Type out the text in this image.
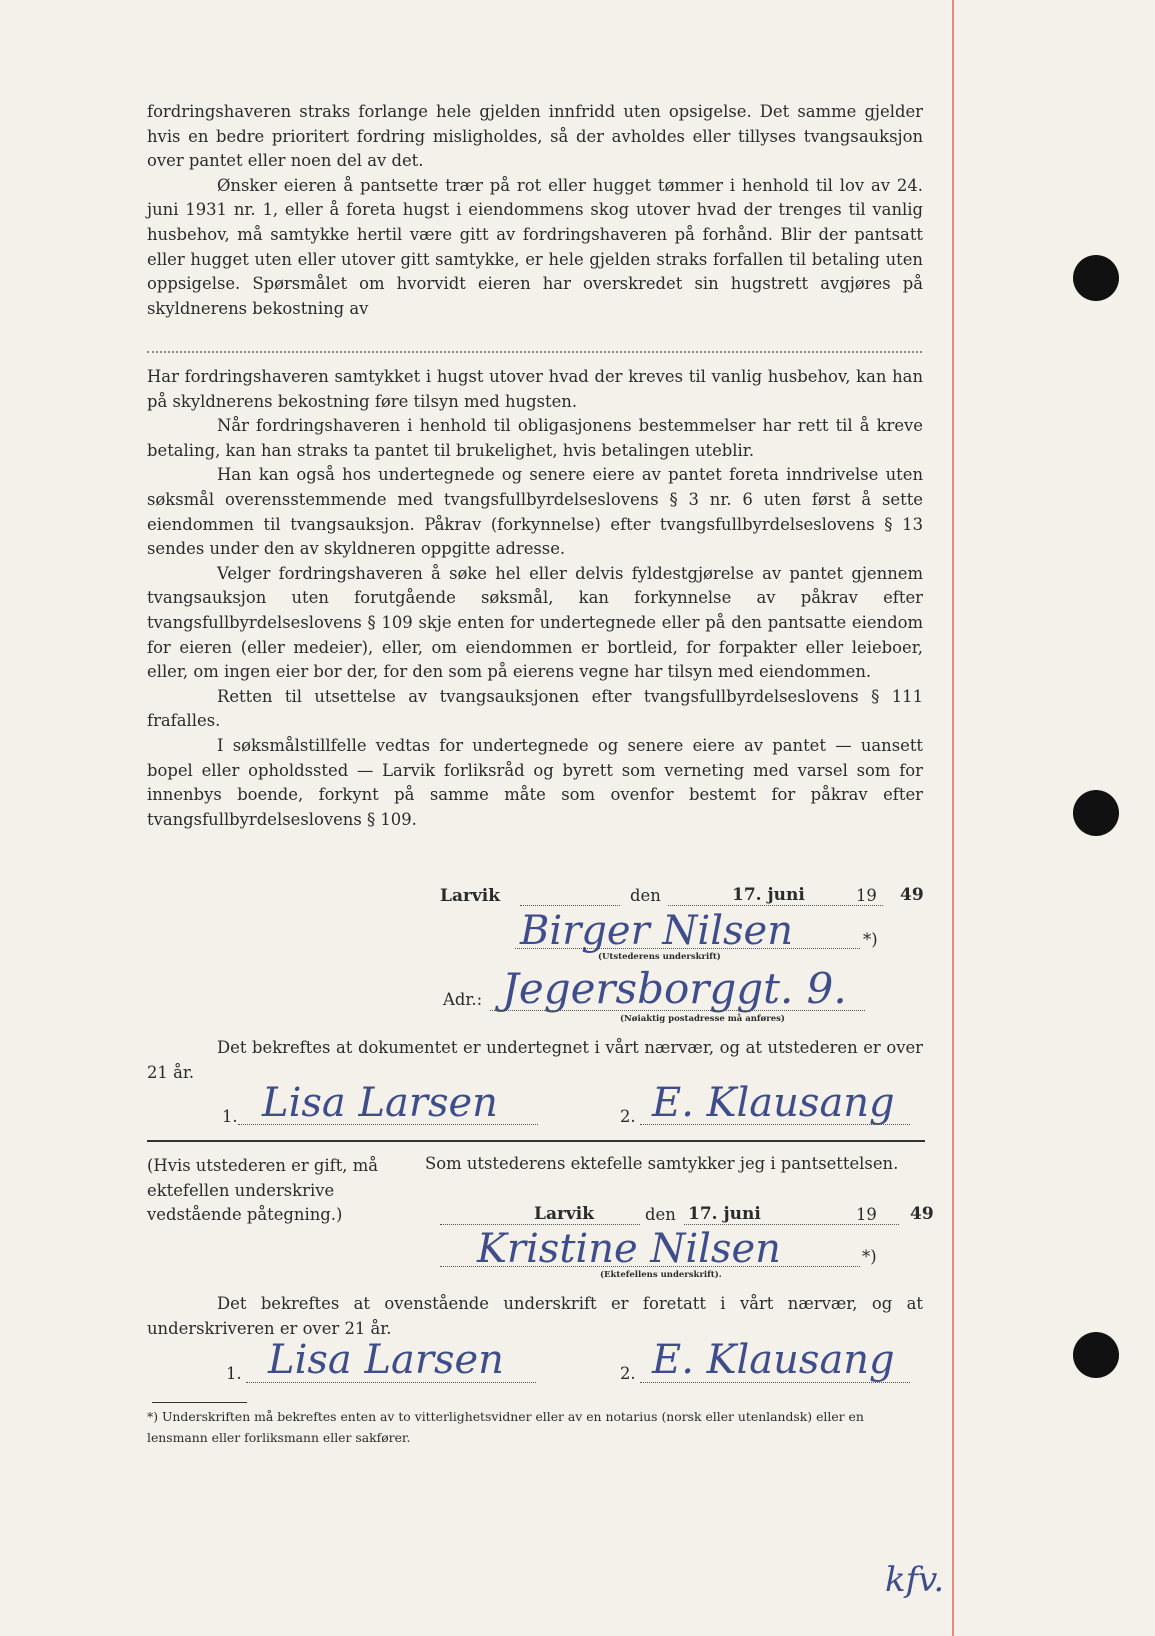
fordringshaveren straks forlange hele gjelden innfridd uten opsigelse. Det samme gjelder hvis en bedre prioritert fordring misligholdes, så der avholdes eller tillyses tvangsauksjon over pantet eller noen del av det.
Ønsker eieren å pantsette trær på rot eller hugget tømmer i henhold til lov av 24. juni 1931 nr. 1, eller å foreta hugst i eiendommens skog utover hvad der trenges til vanlig husbehov, må samtykke hertil være gitt av fordringshaveren på forhånd. Blir der pantsatt eller hugget uten eller utover gitt samtykke, er hele gjelden straks forfallen til betaling uten oppsigelse. Spørsmålet om hvorvidt eieren har overskredet sin hugstrett avgjøres på skyldnerens bekostning av

Har fordringshaveren samtykket i hugst utover hvad der kreves til vanlig husbehov, kan han på skyldnerens bekostning føre tilsyn med hugsten.
Når fordringshaveren i henhold til obligasjonens bestemmelser har rett til å kreve betaling, kan han straks ta pantet til brukelighet, hvis betalingen uteblir.
Han kan også hos undertegnede og senere eiere av pantet foreta inndrivelse uten søksmål overensstemmende med tvangsfullbyrdelseslovens § 3 nr. 6 uten først å sette eiendommen til tvangsauksjon. Påkrav (forkynnelse) efter tvangsfullbyrdelseslovens § 13 sendes under den av skyldneren oppgitte adresse.
Velger fordringshaveren å søke hel eller delvis fyldestgjørelse av pantet gjennem tvangsauksjon uten forutgående søksmål, kan forkynnelse av påkrav efter tvangsfullbyrdelseslovens § 109 skje enten for undertegnede eller på den pantsatte eiendom for eieren (eller medeier), eller, om eiendommen er bortleid, for forpakter eller leieboer, eller, om ingen eier bor der, for den som på eierens vegne har tilsyn med eiendommen.
Retten til utsettelse av tvangsauksjonen efter tvangsfullbyrdelseslovens § 111 frafalles.
I søksmålstillfelle vedtas for undertegnede og senere eiere av pantet — uansett bopel eller opholdssted — Larvik forliksråd og byrett som verneting med varsel som for innenbys boende, forkynt på samme måte som ovenfor bestemt for påkrav efter tvangsfullbyrdelseslovens § 109.

Larvik	den	17. juni	19 49
Birger Nilsen	*)
(Utstederens underskrift)
Adr.: Jegersborggt. 9.
(Nøiaktig postadresse må anføres)

Det bekreftes at dokumentet er undertegnet i vårt nærvær, og at utstederen er over 21 år.

1. Lisa Larsen	2. E. Klausang

(Hvis utstederen er gift, må ektefellen underskrive vedstående påtegning.)

Som utstederens ektefelle samtykker jeg i pantsettelsen.
Larvik	den 17. juni	19 49
Kristine Nilsen	*)
(Ektefellens underskrift).

Det bekreftes at ovenstående underskrift er foretatt i vårt nærvær, og at underskriveren er over 21 år.

1. Lisa Larsen	2. E. Klausang

*) Underskriften må bekreftes enten av to vitterlighetsvidner eller av en notarius (norsk eller utenlandsk) eller en lensmann eller forliksmann eller sakfører.

kfv.
